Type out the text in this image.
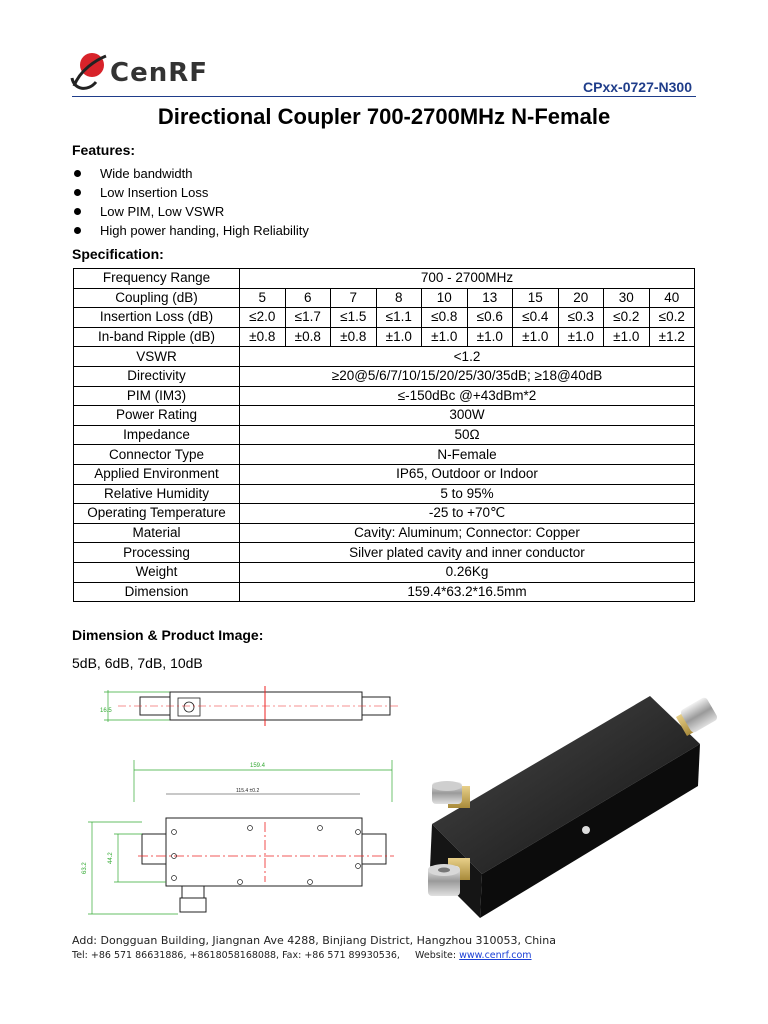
CenRF	CPxx-0727-N300
Directional Coupler 700-2700MHz N-Female
Features:
Wide bandwidth
Low Insertion Loss
Low PIM, Low VSWR
High power handing, High Reliability
Specification:
Frequency Range	700 - 2700MHz									
Coupling (dB)	5	6	7	8	10	13	15	20	30	40
Insertion Loss (dB)	≤2.0	≤1.7	≤1.5	≤1.1	≤0.8	≤0.6	≤0.4	≤0.3	≤0.2	≤0.2
In-band Ripple (dB)	±0.8	±0.8	±0.8	±1.0	±1.0	±1.0	±1.0	±1.0	±1.0	±1.2
VSWR	<1.2									
Directivity	≥20@5/6/7/10/15/20/25/30/35dB; ≥18@40dB									
PIM (IM3)	≤-150dBc @+43dBm*2									
Power Rating	300W									
Impedance	50Ω									
Connector Type	N-Female									
Applied Environment	IP65, Outdoor or Indoor									
Relative Humidity	5 to 95%									
Operating Temperature	-25 to +70℃									
Material	Cavity: Aluminum; Connector: Copper									
Processing	Silver plated cavity and inner conductor									
Weight	0.26Kg									
Dimension	159.4*63.2*16.5mm									
Dimension & Product Image:
5dB, 6dB, 7dB, 10dB
16.5
159.4
115.4 ±0.2
63.2
44.2
Add: Dongguan Building, Jiangnan Ave 4288, Binjiang District, Hangzhou 310053, China
Tel: +86 571 86631886, +8618058168088, Fax: +86 571 89930536,     Website: www.cenrf.com
